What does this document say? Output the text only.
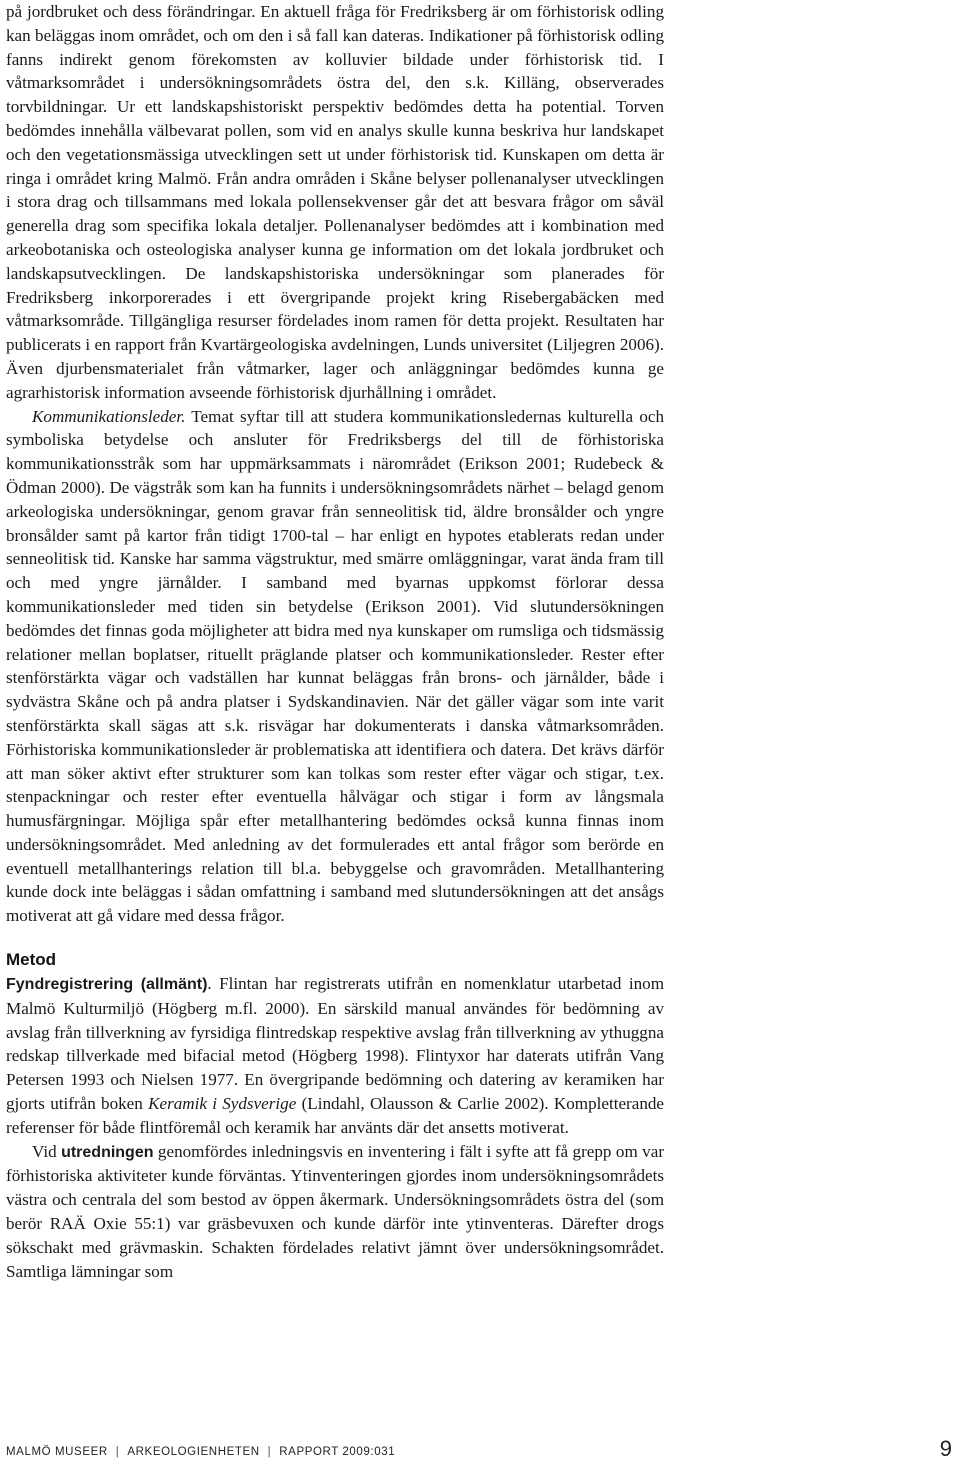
på jordbruket och dess förändringar. En aktuell fråga för Fredriksberg är om förhistorisk odling kan beläggas inom området, och om den i så fall kan dateras. Indikationer på förhistorisk odling fanns indirekt genom förekomsten av kolluvier bildade under förhistorisk tid. I våtmarksområdet i undersökningsområdets östra del, den s.k. Killäng, observerades torvbildningar. Ur ett landskapshistoriskt perspektiv bedömdes detta ha potential. Torven bedömdes innehålla välbevarat pollen, som vid en analys skulle kunna beskriva hur landskapet och den vegetationsmässiga utvecklingen sett ut under förhistorisk tid. Kunskapen om detta är ringa i området kring Malmö. Från andra områden i Skåne belyser pollenanalyser utvecklingen i stora drag och tillsammans med lokala pollensekvenser går det att besvara frågor om såväl generella drag som specifika lokala detaljer. Pollenanalyser bedömdes att i kombination med arkeobotaniska och osteologiska analyser kunna ge information om det lokala jordbruket och landskapsutvecklingen. De landskapshistoriska undersökningar som planerades för Fredriksberg inkorporerades i ett övergripande projekt kring Risebergabäcken med våtmarksområde. Tillgängliga resurser fördelades inom ramen för detta projekt. Resultaten har publicerats i en rapport från Kvartärgeologiska avdelningen, Lunds universitet (Liljegren 2006). Även djurbensmaterialet från våtmarker, lager och anläggningar bedömdes kunna ge agrarhistorisk information avseende förhistorisk djurhållning i området.

Kommunikationsleder. Temat syftar till att studera kommunikationsledernas kulturella och symboliska betydelse och ansluter för Fredriksbergs del till de förhistoriska kommunikationsstråk som har uppmärksammats i närområdet (Erikson 2001; Rudebeck & Ödman 2000). De vägstråk som kan ha funnits i undersökningsområdets närhet – belagd genom arkeologiska undersökningar, genom gravar från senneolitisk tid, äldre bronsålder och yngre bronsålder samt på kartor från tidigt 1700-tal – har enligt en hypotes etablerats redan under senneolitisk tid. Kanske har samma vägstruktur, med smärre omläggningar, varat ända fram till och med yngre järnålder. I samband med byarnas uppkomst förlorar dessa kommunikationsleder med tiden sin betydelse (Erikson 2001). Vid slutundersökningen bedömdes det finnas goda möjligheter att bidra med nya kunskaper om rumsliga och tidsmässig relationer mellan boplatser, rituellt präglande platser och kommunikationsleder. Rester efter stenförstärkta vägar och vadställen har kunnat beläggas från brons- och järnålder, både i sydvästra Skåne och på andra platser i Sydskandinavien. När det gäller vägar som inte varit stenförstärkta skall sägas att s.k. risvägar har dokumenterats i danska våtmarksområden. Förhistoriska kommunikationsleder är problematiska att identifiera och datera. Det krävs därför att man söker aktivt efter strukturer som kan tolkas som rester efter vägar och stigar, t.ex. stenpackningar och rester efter eventuella hålvägar och stigar i form av långsmala humusfärgningar. Möjliga spår efter metallhantering bedömdes också kunna finnas inom undersökningsområdet. Med anledning av det formulerades ett antal frågor som berörde en eventuell metallhanterings relation till bl.a. bebyggelse och gravområden. Metallhantering kunde dock inte beläggas i sådan omfattning i samband med slutundersökningen att det ansågs motiverat att gå vidare med dessa frågor.

Metod

Fyndregistrering (allmänt). Flintan har registrerats utifrån en nomenklatur utarbetad inom Malmö Kulturmiljö (Högberg m.fl. 2000). En särskild manual användes för bedömning av avslag från tillverkning av fyrsidiga flintredskap respektive avslag från tillverkning av ythuggna redskap tillverkade med bifacial metod (Högberg 1998). Flintyxor har daterats utifrån Vang Petersen 1993 och Nielsen 1977. En övergripande bedömning och datering av keramiken har gjorts utifrån boken Keramik i Sydsverige (Lindahl, Olausson & Carlie 2002). Kompletterande referenser för både flintföremål och keramik har använts där det ansetts motiverat.

Vid utredningen genomfördes inledningsvis en inventering i fält i syfte att få grepp om var förhistoriska aktiviteter kunde förväntas. Ytinventeringen gjordes inom undersökningsområdets västra och centrala del som bestod av öppen åkermark. Undersökningsområdets östra del (som berör RAÄ Oxie 55:1) var gräsbevuxen och kunde därför inte ytinventeras. Därefter drogs sökschakt med grävmaskin. Schakten fördelades relativt jämnt över undersökningsområdet. Samtliga lämningar som

MALMÖ MUSEER | ARKEOLOGIENHETEN | RAPPORT 2009:031	9
